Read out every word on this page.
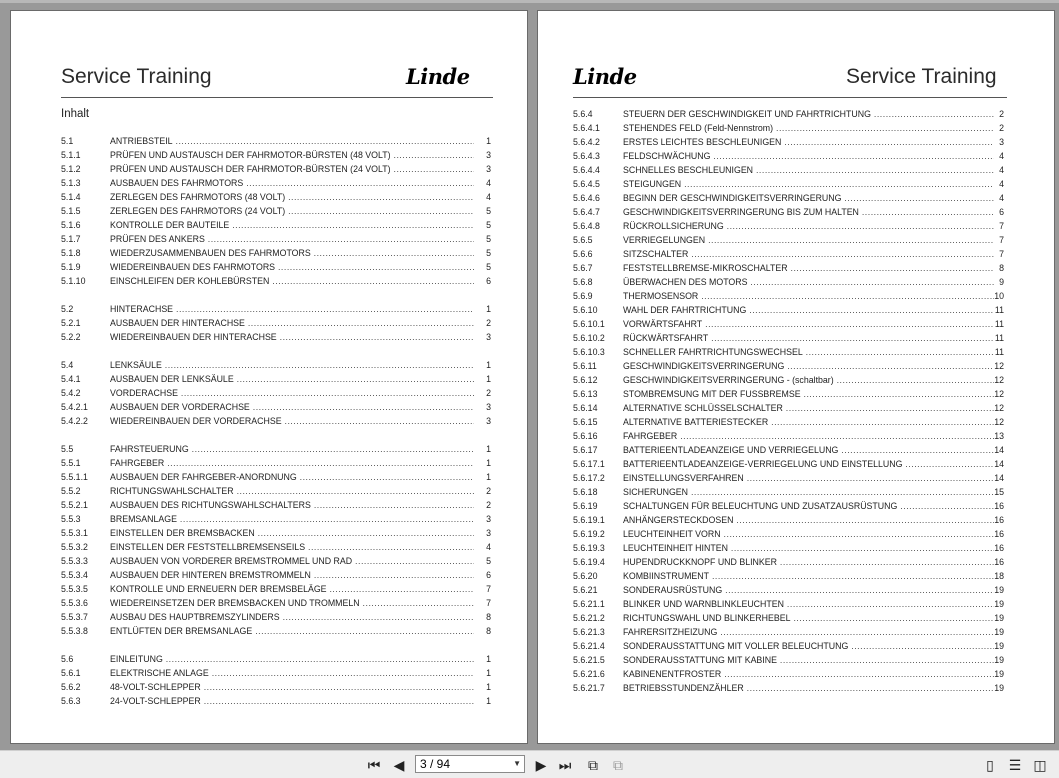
Service Training	Linde
Inhalt
5.1	ANTRIEBSTEIL .....	1
5.1.1	PRÜFEN UND AUSTAUSCH DER FAHRMOTOR-BÜRSTEN (48 VOLT) .....	3
5.1.2	PRÜFEN UND AUSTAUSCH DER FAHRMOTOR-BÜRSTEN (24 VOLT) .....	3
5.1.3	AUSBAUEN DES FAHRMOTORS .....	4
5.1.4	ZERLEGEN DES FAHRMOTORS (48 VOLT) .....	4
5.1.5	ZERLEGEN DES FAHRMOTORS (24 VOLT) .....	5
5.1.6	KONTROLLE DER BAUTEILE .....	5
5.1.7	PRÜFEN DES ANKERS .....	5
5.1.8	WIEDERZUSAMMENBAUEN DES FAHRMOTORS .....	5
5.1.9	WIEDEREINBAUEN DES FAHRMOTORS .....	5
5.1.10	EINSCHLEIFEN DER KOHLEBÜRSTEN .....	6
5.2	HINTERACHSE .....	1
5.2.1	AUSBAUEN DER HINTERACHSE .....	2
5.2.2	WIEDEREINBAUEN DER HINTERACHSE .....	3
5.4	LENKSÄULE .....	1
5.4.1	AUSBAUEN DER LENKSÄULE .....	1
5.4.2	VORDERACHSE .....	2
5.4.2.1	AUSBAUEN DER VORDERACHSE .....	3
5.4.2.2	WIEDEREINBAUEN DER VORDERACHSE .....	3
5.5	FAHRSTEUERUNG .....	1
5.5.1	FAHRGEBER .....	1
5.5.1.1	AUSBAUEN DER FAHRGEBER-ANORDNUNG .....	1
5.5.2	RICHTUNGSWAHLSCHALTER .....	2
5.5.2.1	AUSBAUEN DES RICHTUNGSWAHLSCHALTERS .....	2
5.5.3	BREMSANLAGE .....	3
5.5.3.1	EINSTELLEN DER BREMSBACKEN .....	3
5.5.3.2	EINSTELLEN DER FESTSTELLBREMSENSEILS .....	4
5.5.3.3	AUSBAUEN VON VORDERER BREMSTROMMEL UND RAD .....	5
5.5.3.4	AUSBAUEN DER HINTEREN BREMSTROMMELN .....	6
5.5.3.5	KONTROLLE UND ERNEUERN DER BREMSBELÄGE .....	7
5.5.3.6	WIEDEREINSETZEN DER BREMSBACKEN UND TROMMELN .....	7
5.5.3.7	AUSBAU DES HAUPTBREMSZYLINDERS .....	8
5.5.3.8	ENTLÜFTEN DER BREMSANLAGE .....	8
5.6	EINLEITUNG .....	1
5.6.1	ELEKTRISCHE ANLAGE .....	1
5.6.2	48-VOLT-SCHLEPPER .....	1
5.6.3	24-VOLT-SCHLEPPER .....	1
Linde	Service Training
5.6.4	STEUERN DER GESCHWINDIGKEIT UND FAHRTRICHTUNG .....	2
5.6.4.1	STEHENDES FELD (Feld-Nennstrom) .....	2
5.6.4.2	ERSTES LEICHTES BESCHLEUNIGEN .....	3
5.6.4.3	FELDSCHWÄCHUNG .....	4
5.6.4.4	SCHNELLES BESCHLEUNIGEN .....	4
5.6.4.5	STEIGUNGEN .....	4
5.6.4.6	BEGINN DER GESCHWINDIGKEITSVERRINGERUNG .....	4
5.6.4.7	GESCHWINDIGKEITSVERRINGERUNG BIS ZUM HALTEN .....	6
5.6.4.8	RÜCKROLLSICHERUNG .....	7
5.6.5	VERRIEGELUNGEN .....	7
5.6.6	SITZSCHALTER .....	7
5.6.7	FESTSTELLBREMSE-MIKROSCHALTER .....	8
5.6.8	ÜBERWACHEN DES MOTORS .....	9
5.6.9	THERMOSENSOR .....	10
5.6.10	WAHL DER FAHRTRICHTUNG .....	11
5.6.10.1 VORWÄRTSFAHRT .....	11
5.6.10.2 RÜCKWÄRTSFAHRT .....	11
5.6.10.3 SCHNELLER FAHRTRICHTUNGSWECHSEL .....	11
5.6.11	GESCHWINDIGKEITSVERRINGERUNG .....	12
5.6.12	GESCHWINDIGKEITSVERRINGERUNG - (schaltbar) .....	12
5.6.13	STOMBREMSUNG MIT DER FUSSBREMSE .....	12
5.6.14	ALTERNATIVE SCHLÜSSELSCHALTER .....	12
5.6.15	ALTERNATIVE BATTERIESTECKER .....	12
5.6.16	FAHRGEBER .....	13
5.6.17	BATTERIEENTLADEANZEIGE UND VERRIEGELUNG .....	14
5.6.17.1 BATTERIEENTLADEANZEIGE-VERRIEGELUNG UND EINSTELLUNG .....	14
5.6.17.2 EINSTELLUNGSVERFAHREN .....	14
5.6.18	SICHERUNGEN .....	15
5.6.19	SCHALTUNGEN FÜR BELEUCHTUNG UND ZUSATZAUSRÜSTUNG .....	16
5.6.19.1 ANHÄNGERSTECKDOSEN .....	16
5.6.19.2 LEUCHTEINHEIT VORN .....	16
5.6.19.3 LEUCHTEINHEIT HINTEN .....	16
5.6.19.4 HUPENDRUCKKNOPF UND BLINKER .....	16
5.6.20	KOMBIINSTRUMENT .....	18
5.6.21	SONDERAUSRÜSTUNG .....	19
5.6.21.1 BLINKER UND WARNBLINKLEUCHTEN .....	19
5.6.21.2 RICHTUNGSWAHL UND BLINKERHEBEL .....	19
5.6.21.3 FAHRERSITZHEIZUNG .....	19
5.6.21.4 SONDERAUSSTATTUNG MIT VOLLER BELEUCHTUNG .....	19
5.6.21.5 SONDERAUSSTATTUNG MIT KABINE .....	19
5.6.21.6 KABINENENTFROSTER .....	19
5.6.21.7 BETRIEBSSTUNDENZÄHLER .....	19
⏮ ◀	3 / 94	▼ ▶ ⏭ ⧉ ⧉	▯	☰ ◫
